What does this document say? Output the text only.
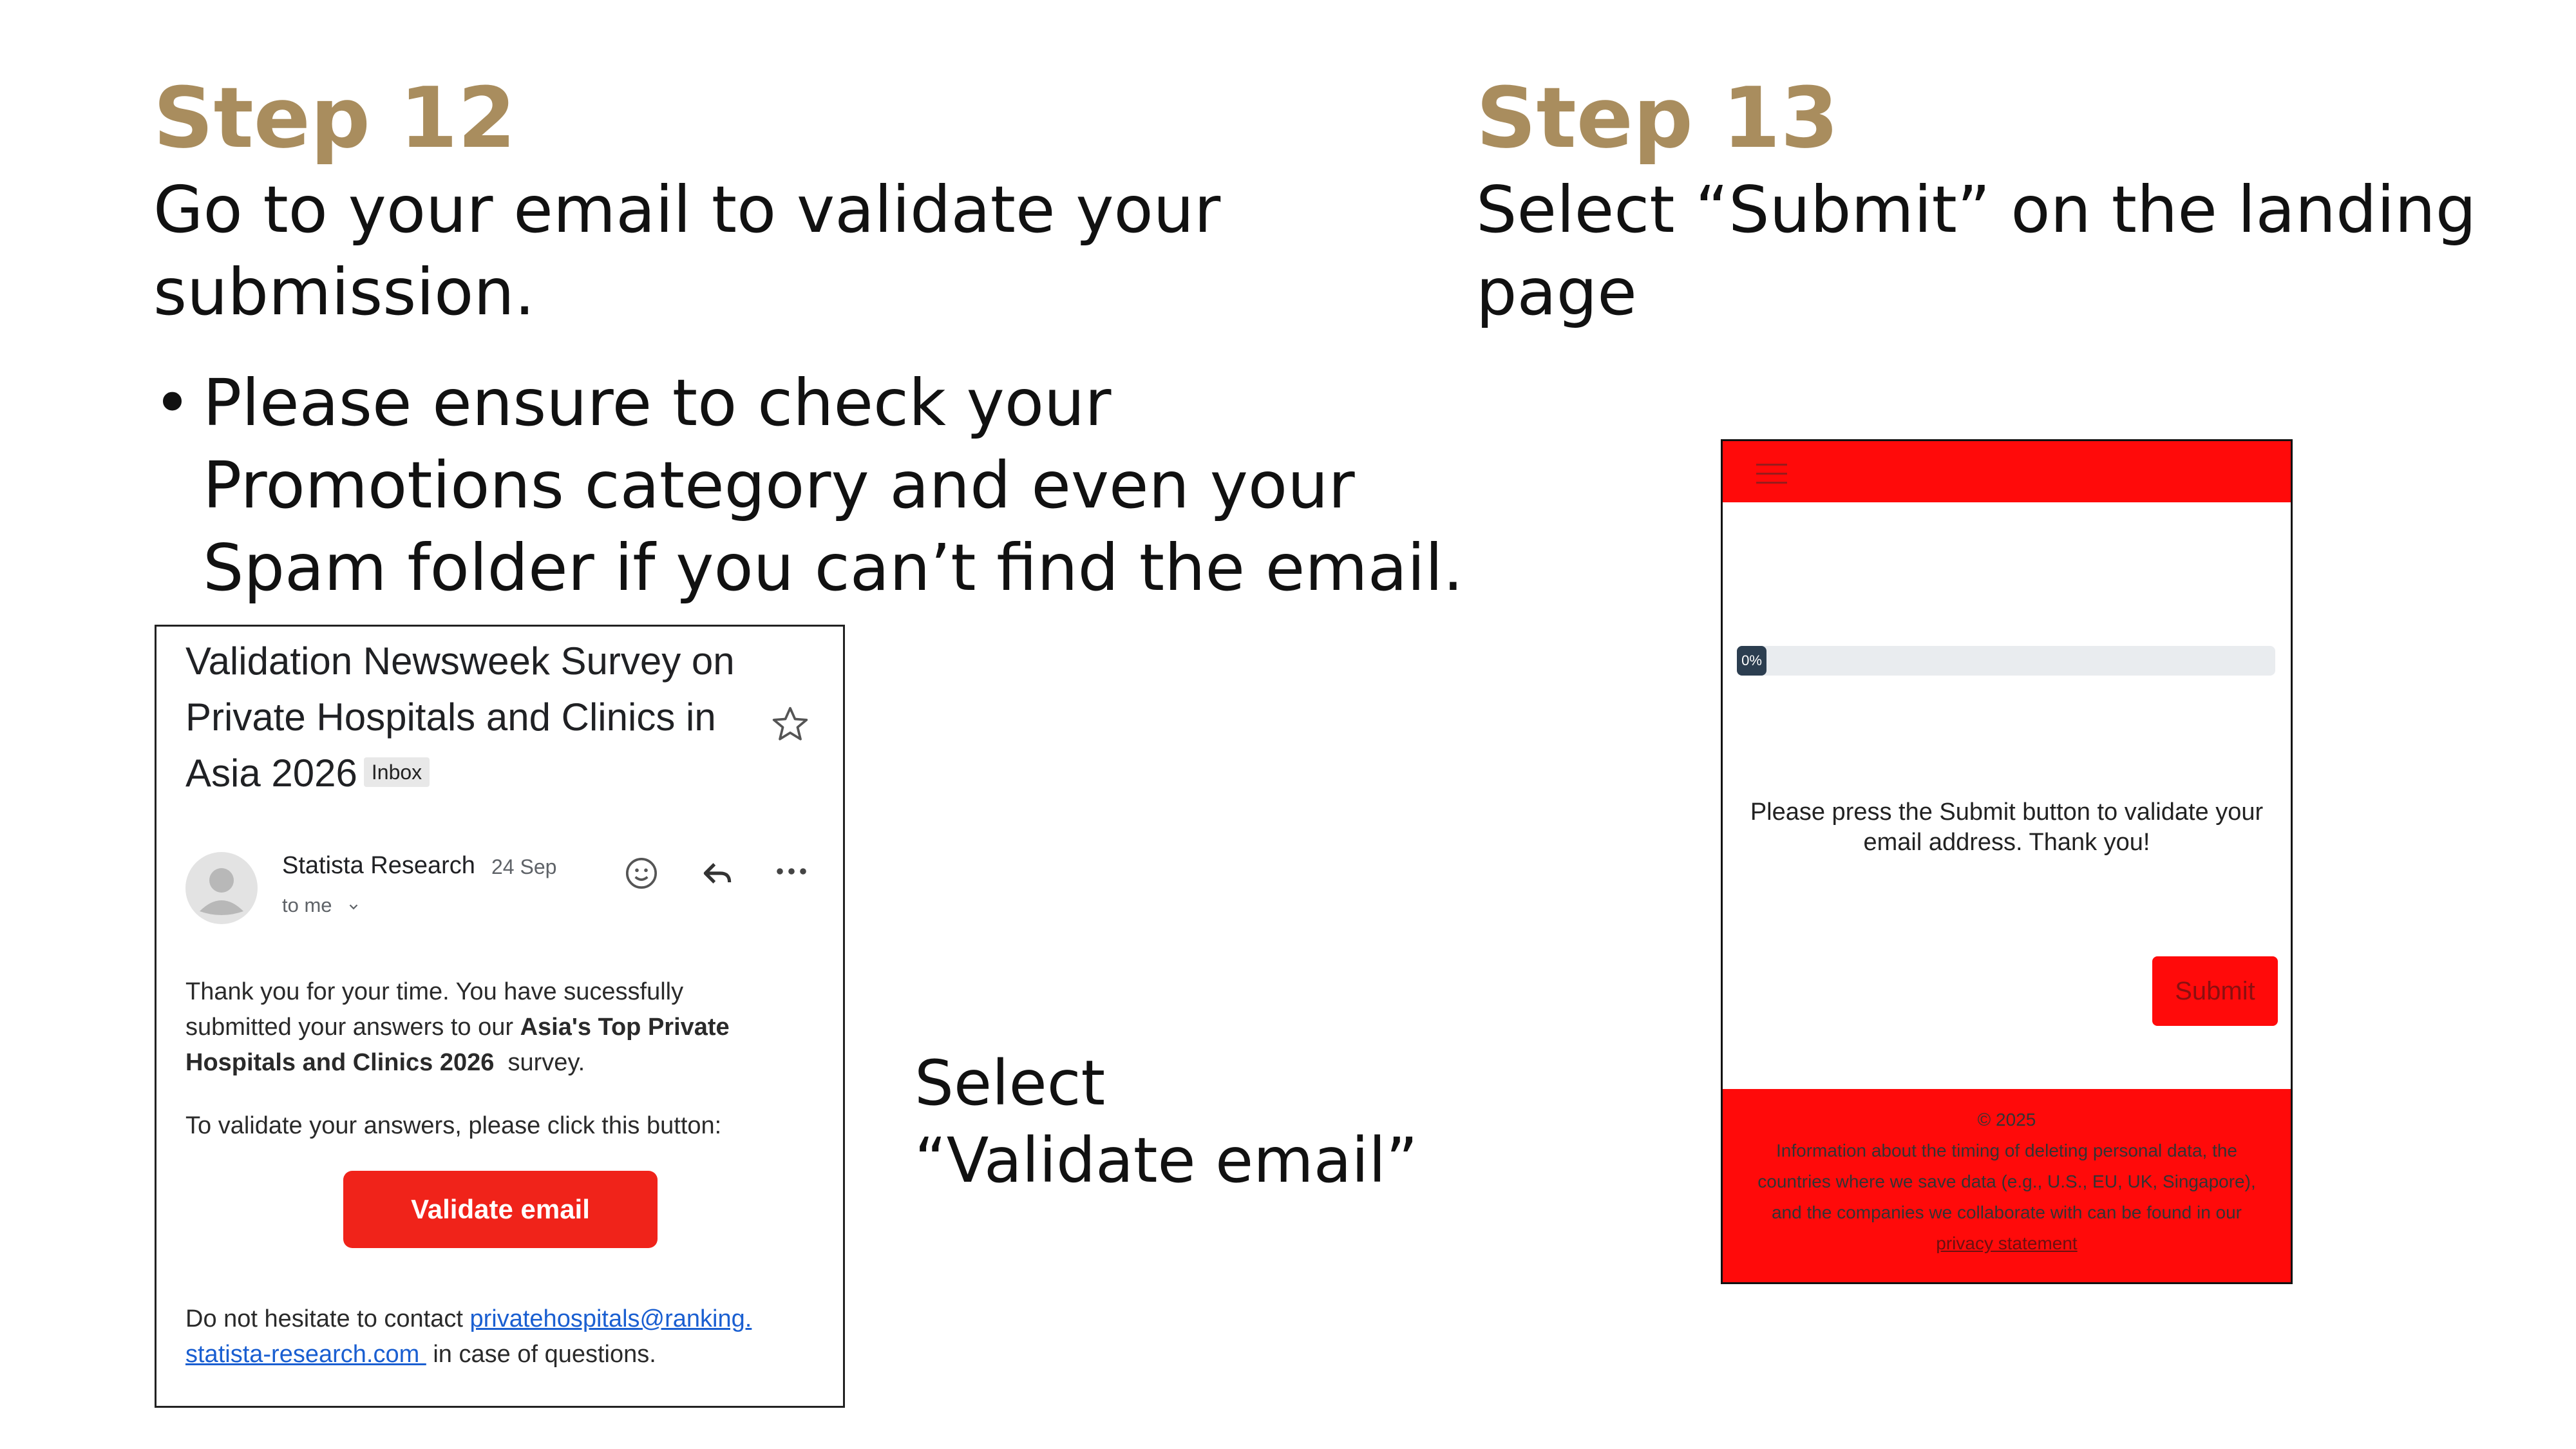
Step 12
Go to your email to validate your
submission.
• Please ensure to check your
Promotions category and even your
Spam folder if you can’t find the email.
Validation Newsweek Survey on
Private Hospitals and Clinics in
Asia 2026 Inbox
Statista Research 24 Sep
to me
Thank you for your time. You have sucessfully
submitted your answers to our Asia's Top Private
Hospitals and Clinics 2026  survey.
To validate your answers, please click this button:
Validate email
Do not hesitate to contact privatehospitals@ranking.
statista-research.com  in case of questions.
Select
“Validate email”
Step 13
Select “Submit” on the landing
page
0%
Please press the Submit button to validate your
email address. Thank you!
Submit
© 2025
Information about the timing of deleting personal data, the
countries where we save data (e.g., U.S., EU, UK, Singapore),
and the companies we collaborate with can be found in our
privacy statement
